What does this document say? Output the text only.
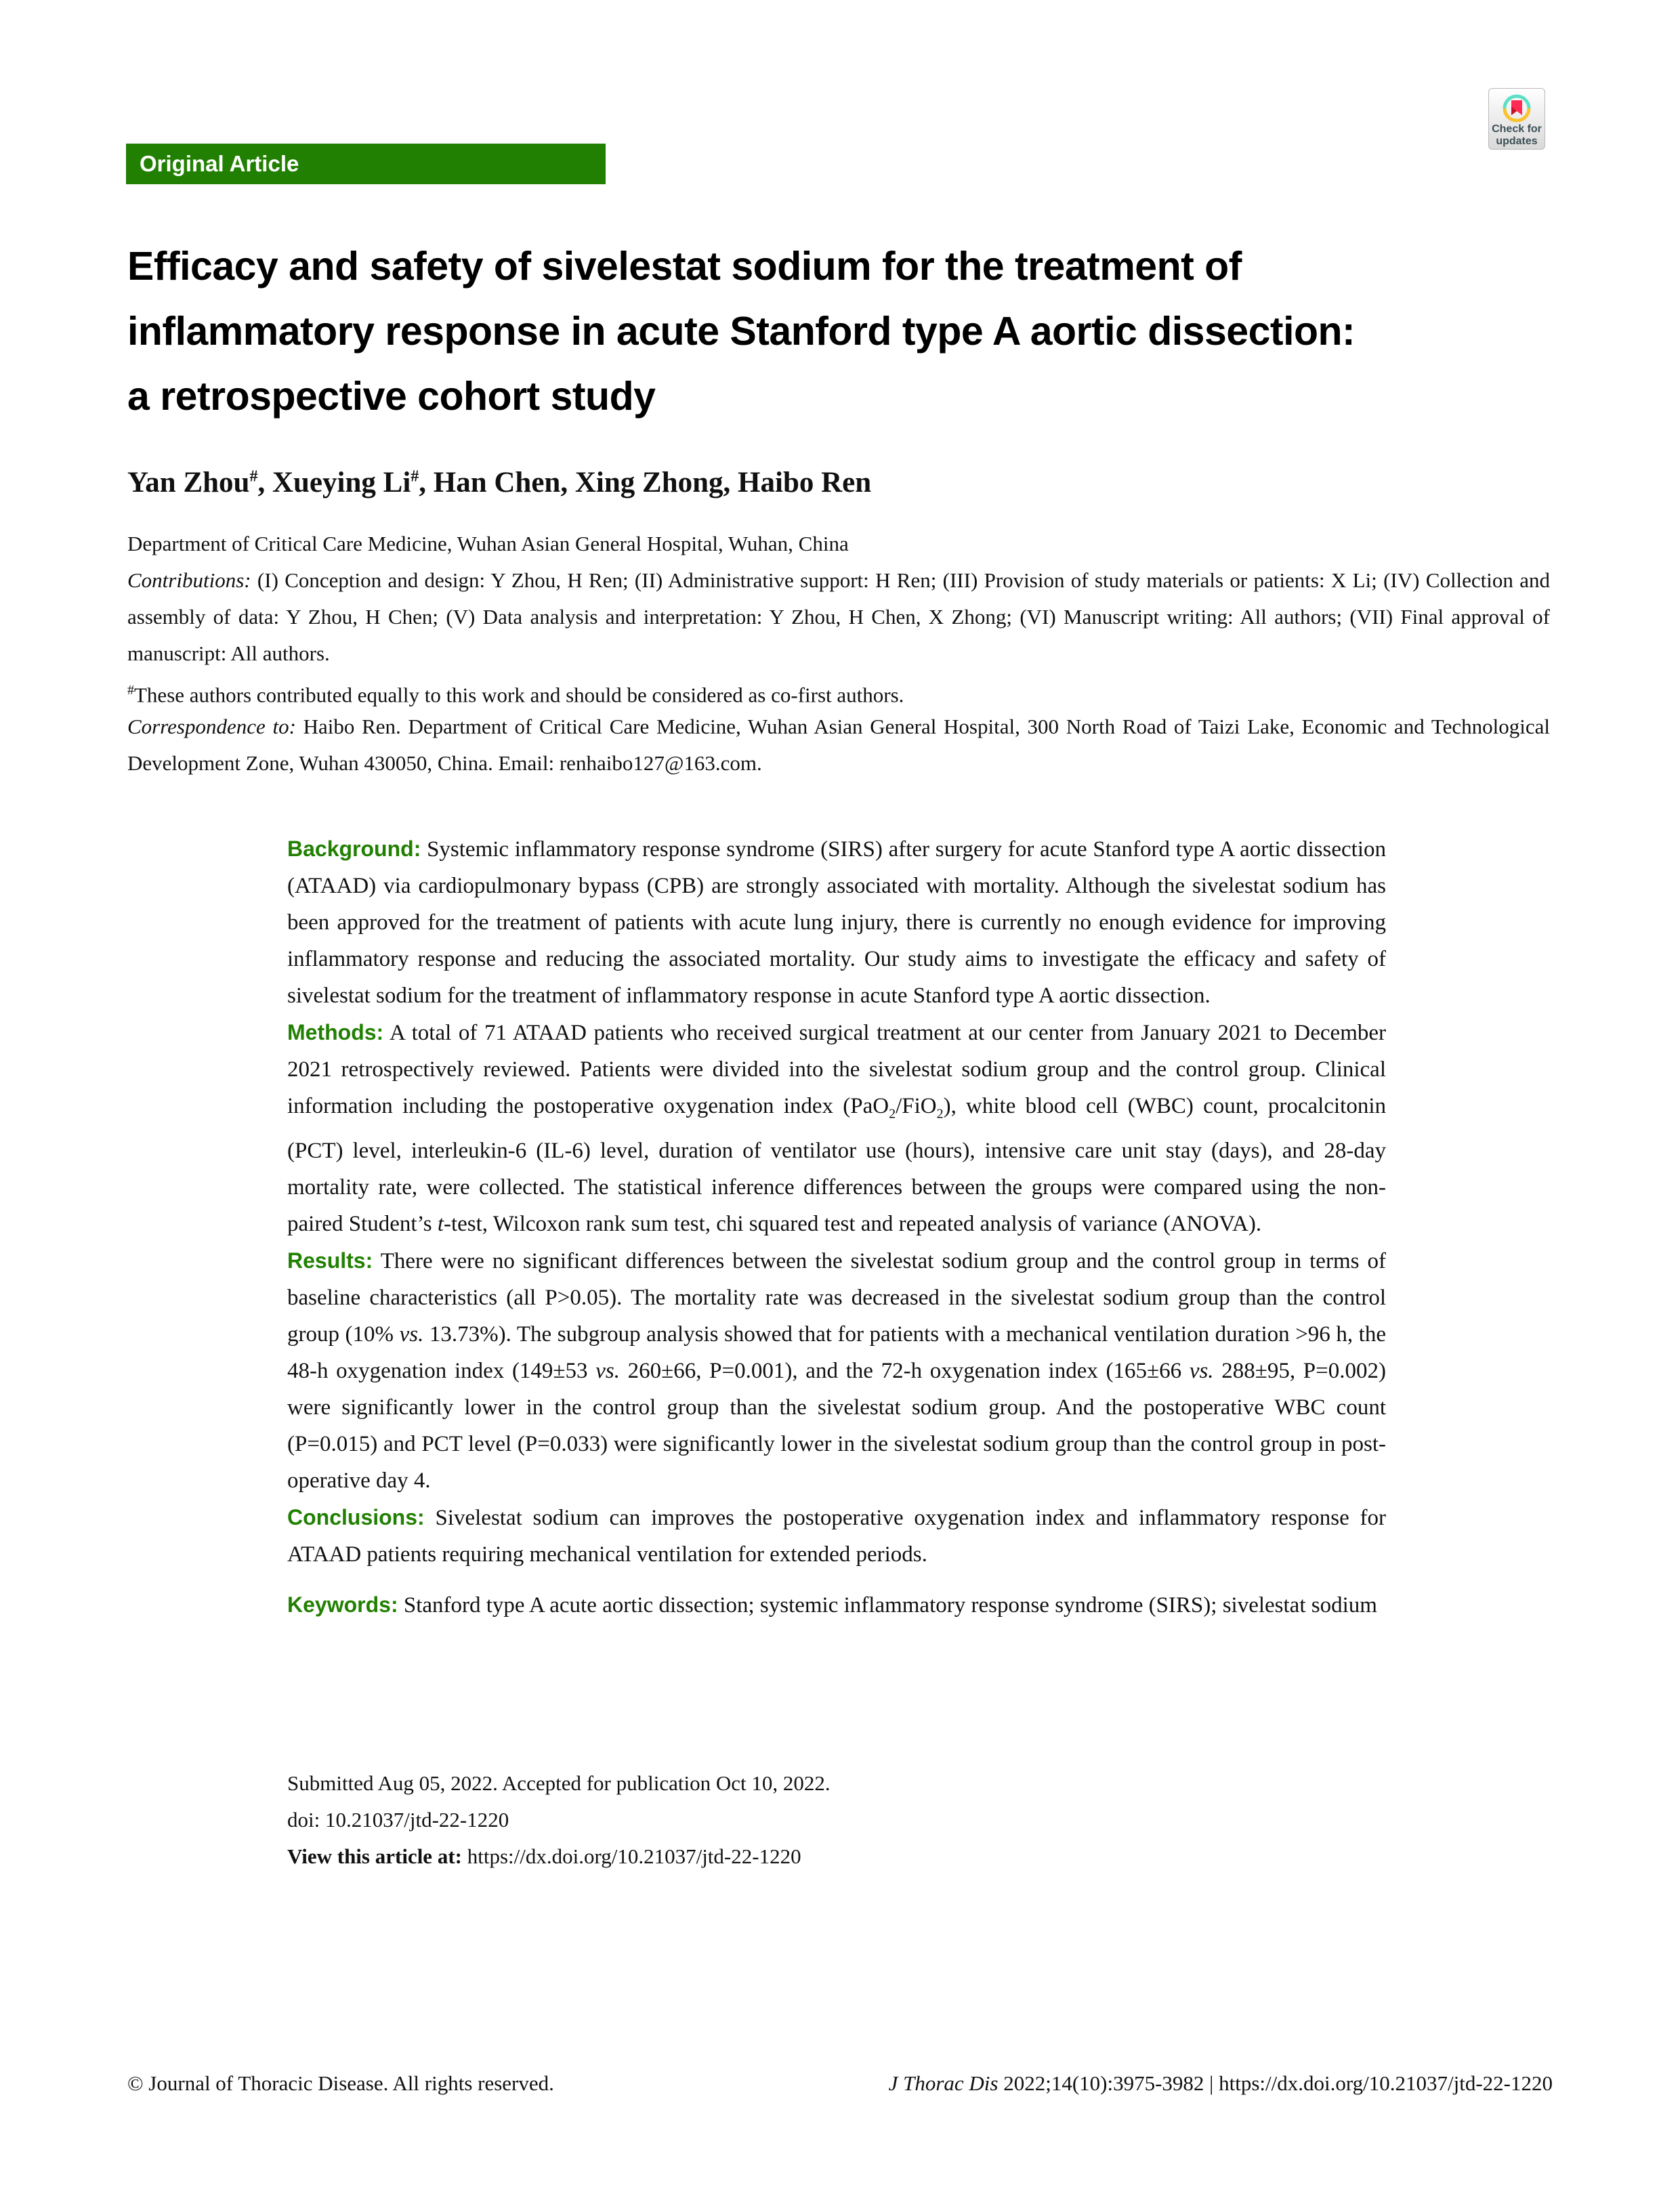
Original Article
Check for
updates
Efficacy and safety of sivelestat sodium for the treatment of
inflammatory response in acute Stanford type A aortic dissection:
a retrospective cohort study

Yan Zhou#, Xueying Li#, Han Chen, Xing Zhong, Haibo Ren

Department of Critical Care Medicine, Wuhan Asian General Hospital, Wuhan, China

Contributions: (I) Conception and design: Y Zhou, H Ren; (II) Administrative support: H Ren; (III) Provision of study materials or patients: X Li; (IV) Collection and assembly of data: Y Zhou, H Chen; (V) Data analysis and interpretation: Y Zhou, H Chen, X Zhong; (VI) Manuscript writing: All authors; (VII) Final approval of manuscript: All authors.

#These authors contributed equally to this work and should be considered as co-first authors.

Correspondence to: Haibo Ren. Department of Critical Care Medicine, Wuhan Asian General Hospital, 300 North Road of Taizi Lake, Economic and Technological Development Zone, Wuhan 430050, China. Email: renhaibo127@163.com.

Background: Systemic inflammatory response syndrome (SIRS) after surgery for acute Stanford type A aortic dissection (ATAAD) via cardiopulmonary bypass (CPB) are strongly associated with mortality. Although the sivelestat sodium has been approved for the treatment of patients with acute lung injury, there is currently no enough evidence for improving inflammatory response and reducing the associated mortality. Our study aims to investigate the efficacy and safety of sivelestat sodium for the treatment of inflammatory response in acute Stanford type A aortic dissection.

Methods: A total of 71 ATAAD patients who received surgical treatment at our center from January 2021 to December 2021 retrospectively reviewed. Patients were divided into the sivelestat sodium group and the control group. Clinical information including the postoperative oxygenation index (PaO$_2$/FiO$_2$), white blood cell (WBC) count, procalcitonin (PCT) level, interleukin-6 (IL-6) level, duration of ventilator use (hours), intensive care unit stay (days), and 28-day mortality rate, were collected. The statistical inference differences between the groups were compared using the non-paired Student’s t-test, Wilcoxon rank sum test, chi squared test and repeated analysis of variance (ANOVA).

Results: There were no significant differences between the sivelestat sodium group and the control group in terms of baseline characteristics (all P>0.05). The mortality rate was decreased in the sivelestat sodium group than the control group (10% vs. 13.73%). The subgroup analysis showed that for patients with a mechanical ventilation duration >96 h, the 48-h oxygenation index (149±53 vs. 260±66, P=0.001), and the 72-h oxygenation index (165±66 vs. 288±95, P=0.002) were significantly lower in the control group than the sivelestat sodium group. And the postoperative WBC count (P=0.015) and PCT level (P=0.033) were significantly lower in the sivelestat sodium group than the control group in post-operative day 4.

Conclusions: Sivelestat sodium can improves the postoperative oxygenation index and inflammatory response for ATAAD patients requiring mechanical ventilation for extended periods.

Keywords: Stanford type A acute aortic dissection; systemic inflammatory response syndrome (SIRS); sivelestat sodium

Submitted Aug 05, 2022. Accepted for publication Oct 10, 2022.

doi: 10.21037/jtd-22-1220

View this article at: https://dx.doi.org/10.21037/jtd-22-1220

© Journal of Thoracic Disease. All rights reserved.	J Thorac Dis 2022;14(10):3975-3982 | https://dx.doi.org/10.21037/jtd-22-1220
